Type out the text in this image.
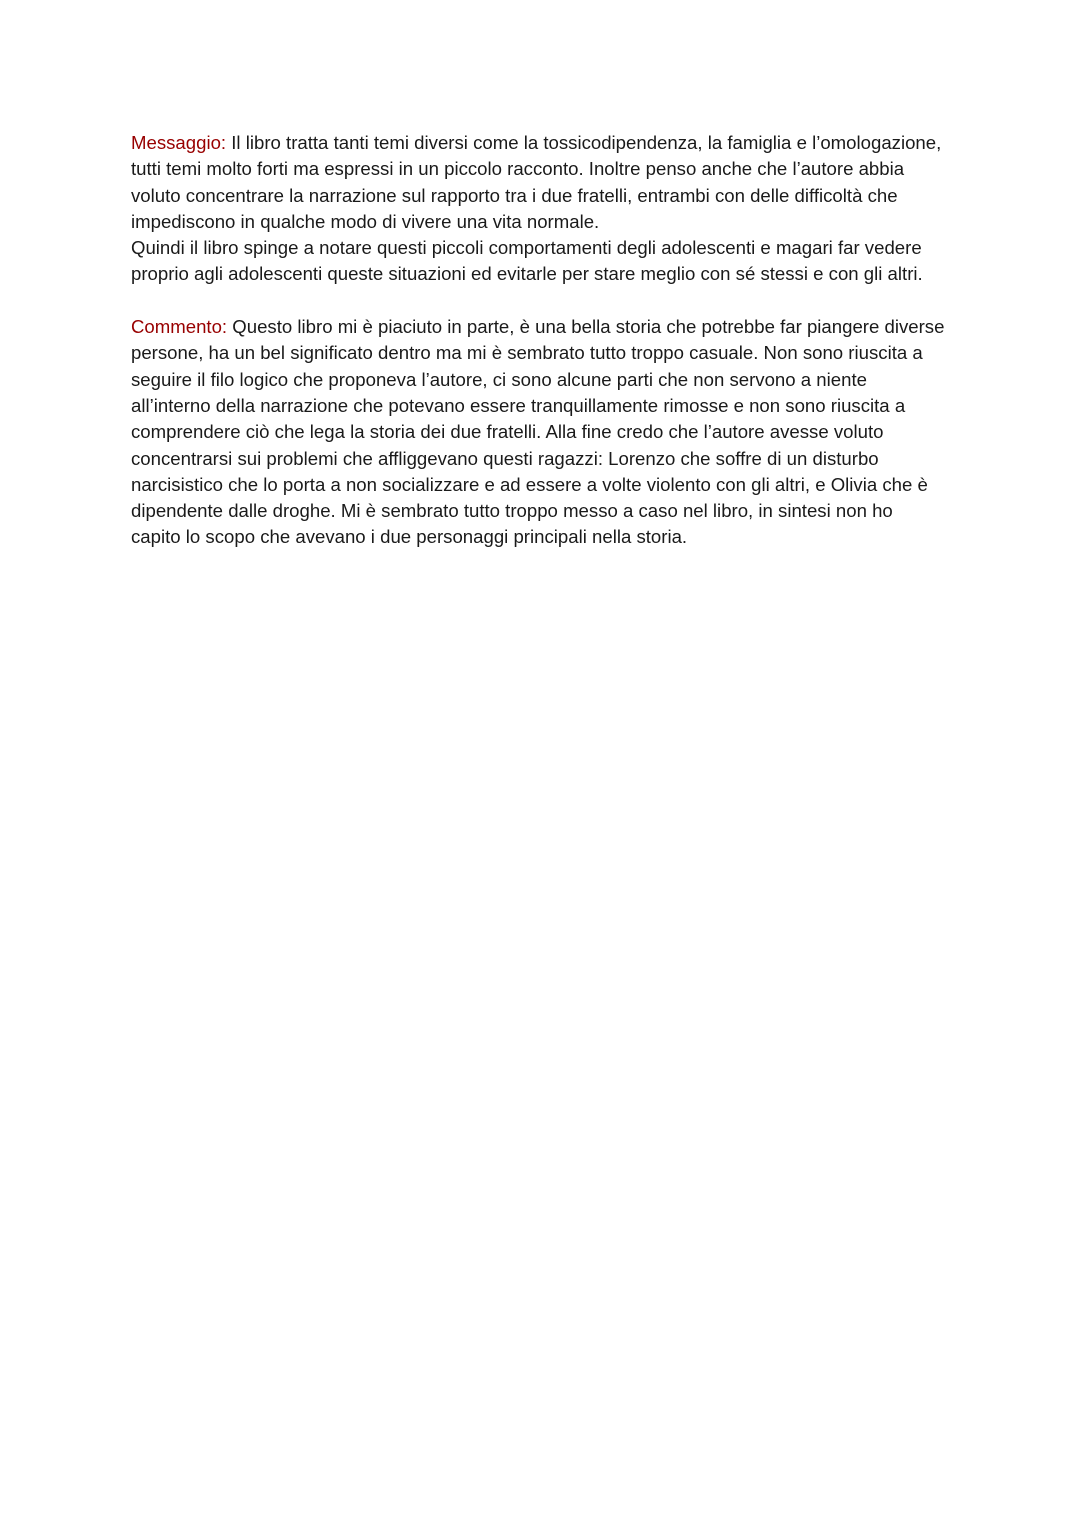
Messaggio: Il libro tratta tanti temi diversi come la tossicodipendenza, la famiglia e l’omologazione, tutti temi molto forti ma espressi in un piccolo racconto. Inoltre penso anche che l’autore abbia voluto concentrare la narrazione sul rapporto tra i due fratelli, entrambi con delle difficoltà che impediscono in qualche modo di vivere una vita normale.

Quindi il libro spinge a notare questi piccoli comportamenti degli adolescenti e magari far vedere proprio agli adolescenti queste situazioni ed evitarle per stare meglio con sé stessi e con gli altri.

Commento: Questo libro mi è piaciuto in parte, è una bella storia che potrebbe far piangere diverse persone, ha un bel significato dentro ma mi è sembrato tutto troppo casuale. Non sono riuscita a seguire il filo logico che proponeva l’autore, ci sono alcune parti che non servono a niente all’interno della narrazione che potevano essere tranquillamente rimosse e non sono riuscita a comprendere ciò che lega la storia dei due fratelli. Alla fine credo che l’autore avesse voluto concentrarsi sui problemi che affliggevano questi ragazzi: Lorenzo che soffre di un disturbo narcisistico che lo porta a non socializzare e ad essere a volte violento con gli altri, e Olivia che è dipendente dalle droghe. Mi è sembrato tutto troppo messo a caso nel libro, in sintesi non ho capito lo scopo che avevano i due personaggi principali nella storia.
